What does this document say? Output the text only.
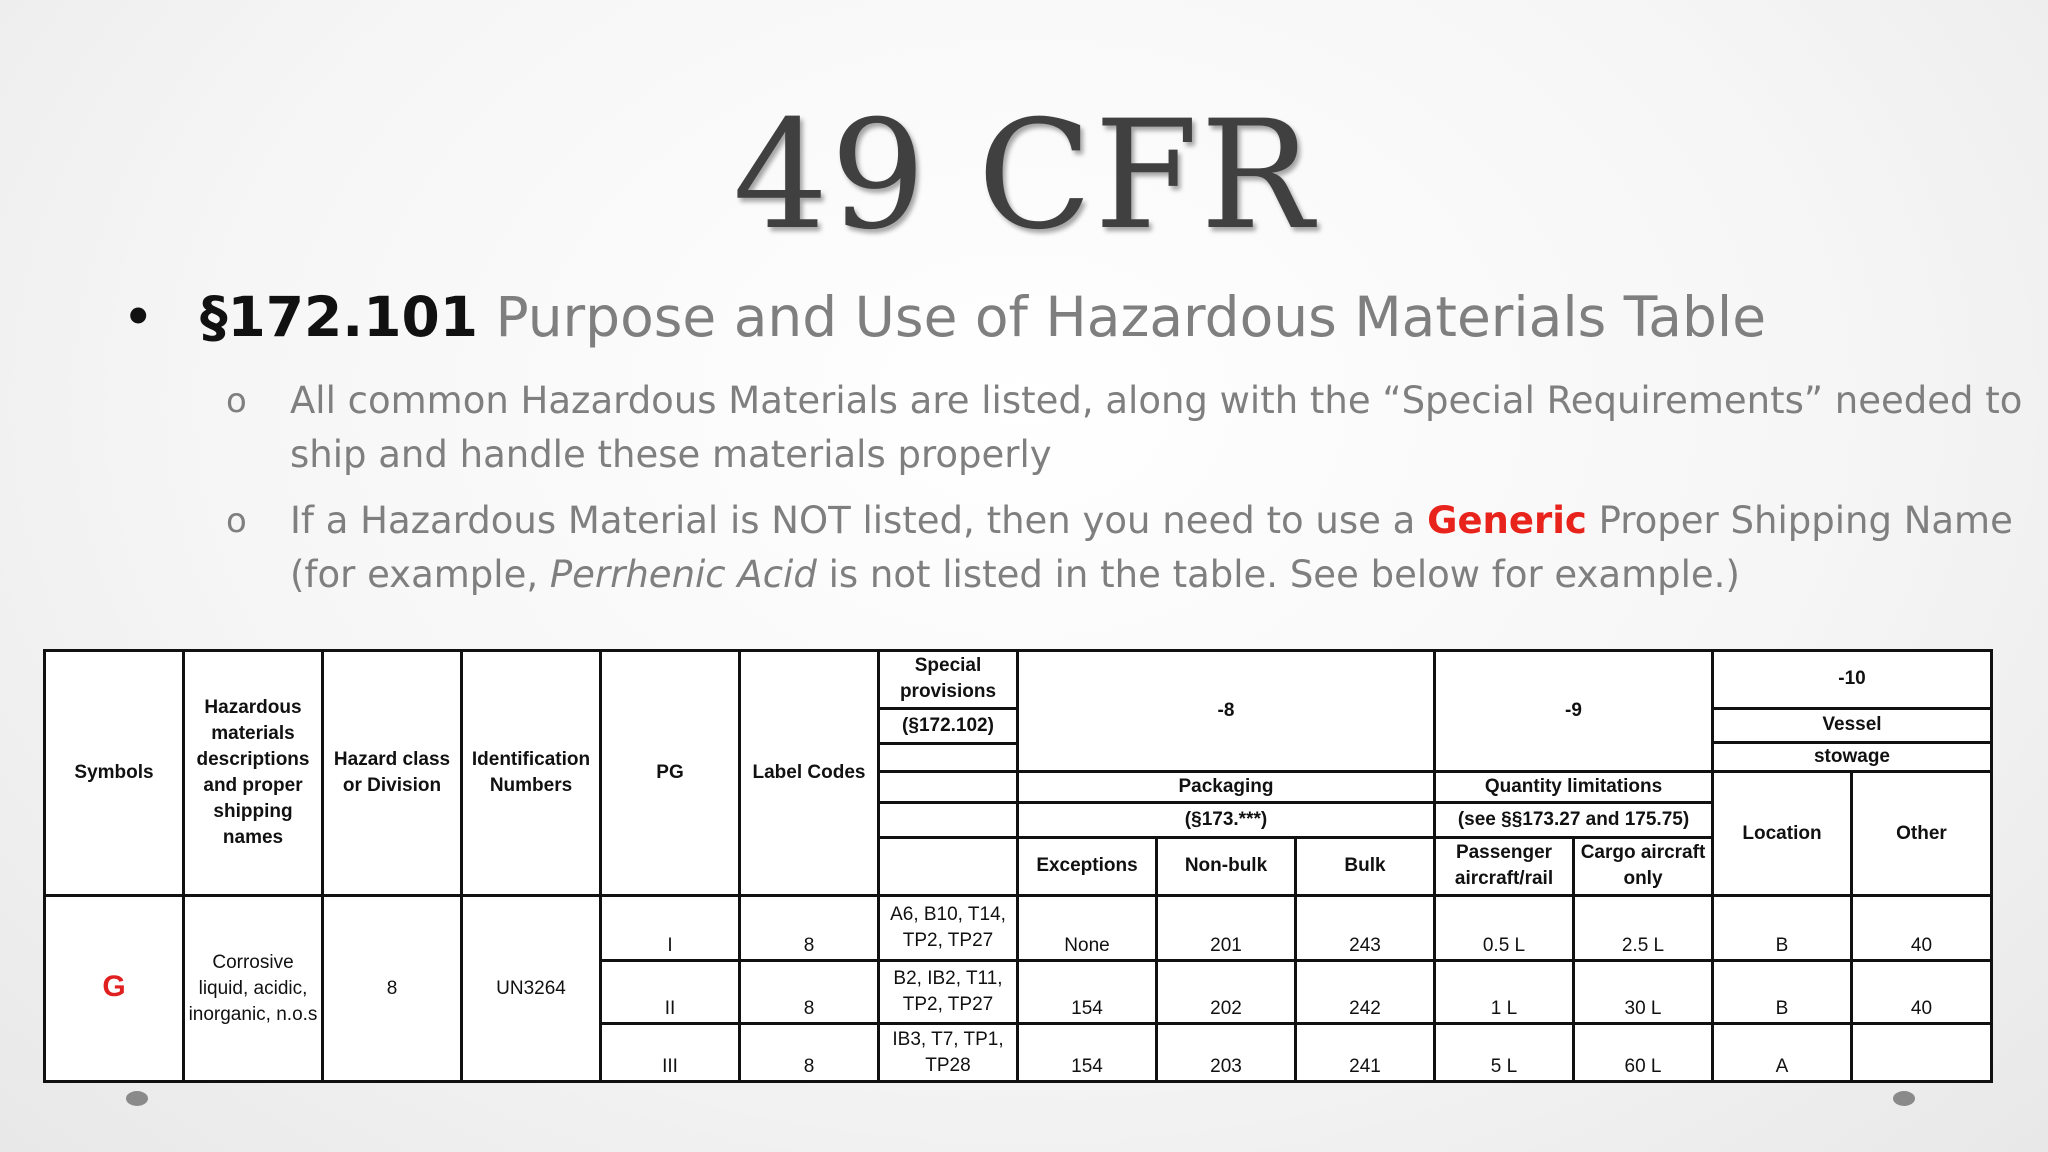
49 CFR
• §172.101 Purpose and Use of Hazardous Materials Table
o All common Hazardous Materials are listed, along with the “Special Requirements” needed to ship and handle these materials properly
o If a Hazardous Material is NOT listed, then you need to use a Generic Proper Shipping Name (for example, Perrhenic Acid is not listed in the table. See below for example.)
Symbols	Hazardous materials descriptions and proper shipping names	Hazard class or Division	Identification Numbers	PG	Label Codes	Special provisions	-8			-9		-10	
						(§172.102)						Vessel	
												stowage	

							Packaging			Quantity limitations		Location	Other
							(§173.***)			(see §§173.27 and 175.75)			
							Exceptions	Non-bulk	Bulk	Passenger aircraft/rail	Cargo aircraft only		
G	Corrosive liquid, acidic, inorganic, n.o.s	8	UN3264	I	8	A6, B10, T14, TP2, TP27	None	201	243	0.5 L	2.5 L	B	40
				II	8	B2, IB2, T11, TP2, TP27	154	202	242	1 L	30 L	B	40
				III	8	IB3, T7, TP1, TP28	154	203	241	5 L	60 L	A	
